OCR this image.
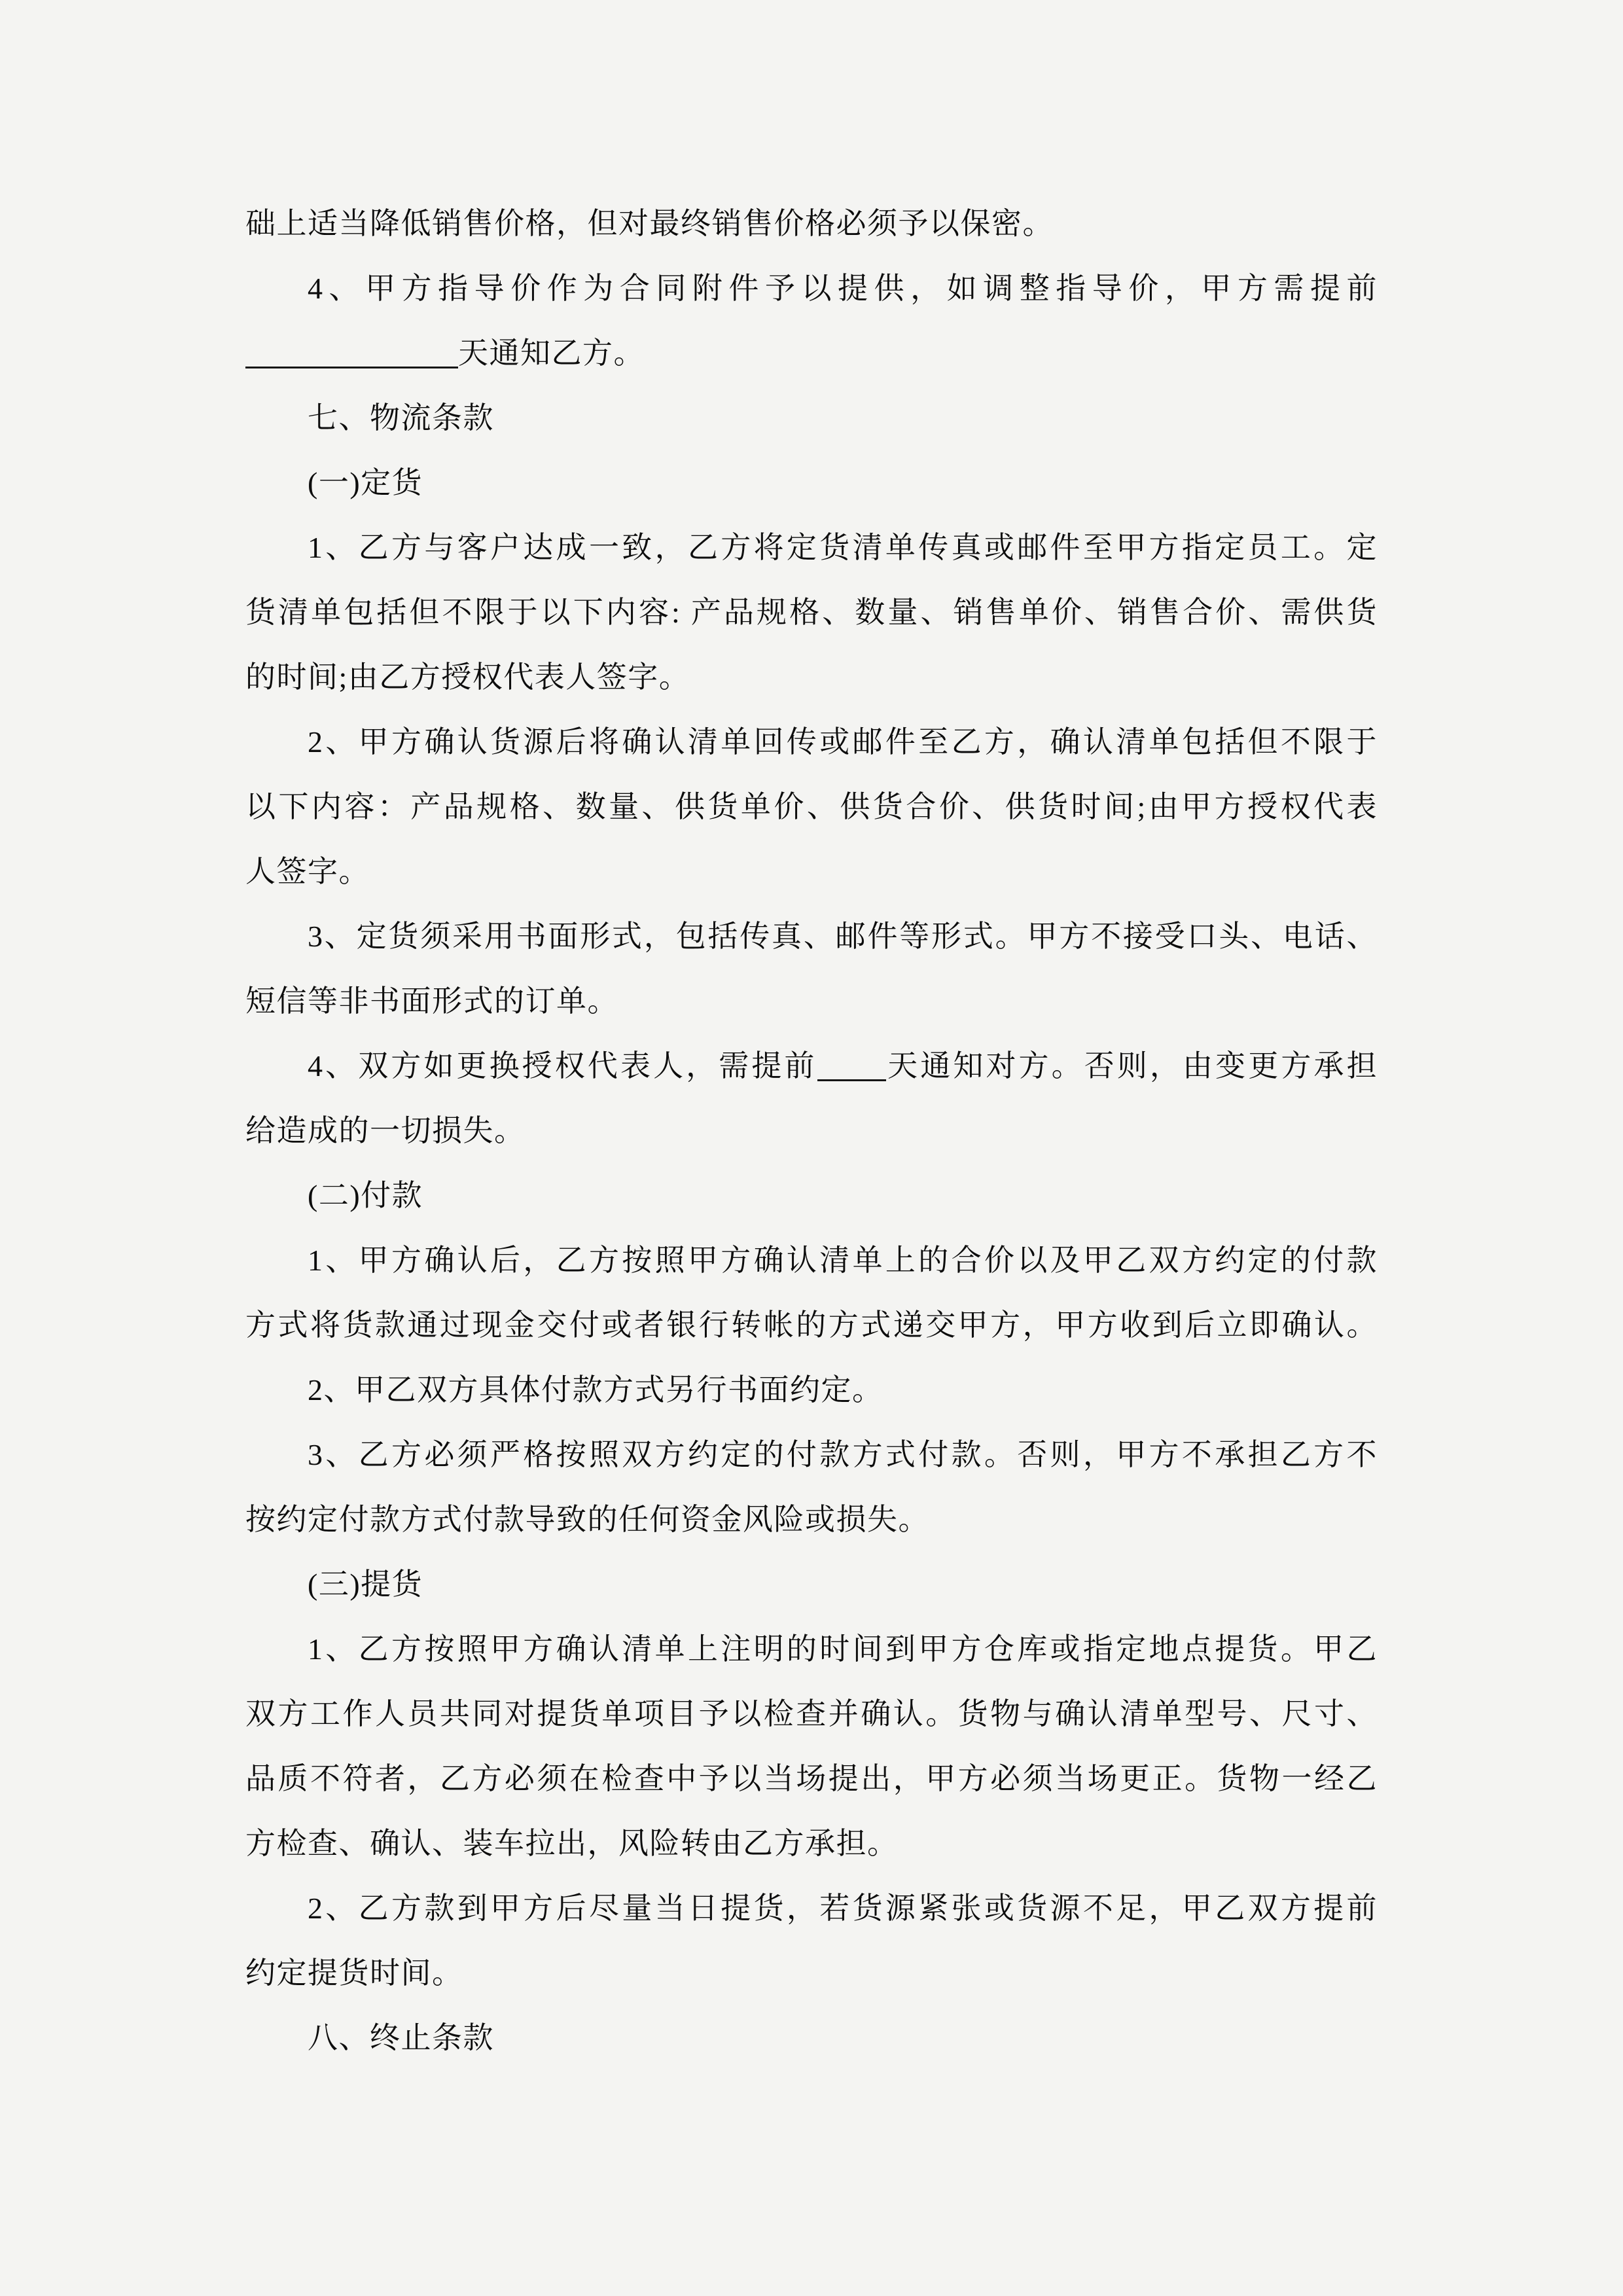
础上适当降低销售价格，但对最终销售价格必须予以保密。
4、甲方指导价作为合同附件予以提供，如调整指导价，甲方需提前
天通知乙方。
七、物流条款
(一)定货
1、乙方与客户达成一致，乙方将定货清单传真或邮件至甲方指定员工。定
货清单包括但不限于以下内容: 产品规格、数量、销售单价、销售合价、需供货
的时间;由乙方授权代表人签字。
2、甲方确认货源后将确认清单回传或邮件至乙方，确认清单包括但不限于
以下内容：产品规格、数量、供货单价、供货合价、供货时间;由甲方授权代表
人签字。
3、定货须采用书面形式，包括传真、邮件等形式。甲方不接受口头、电话、
短信等非书面形式的订单。
4、双方如更换授权代表人，需提前 天通知对方。否则，由变更方承担
给造成的一切损失。
(二)付款
1、甲方确认后，乙方按照甲方确认清单上的合价以及甲乙双方约定的付款
方式将货款通过现金交付或者银行转帐的方式递交甲方，甲方收到后立即确认。
2、甲乙双方具体付款方式另行书面约定。
3、乙方必须严格按照双方约定的付款方式付款。否则，甲方不承担乙方不
按约定付款方式付款导致的任何资金风险或损失。
(三)提货
1、乙方按照甲方确认清单上注明的时间到甲方仓库或指定地点提货。甲乙
双方工作人员共同对提货单项目予以检查并确认。货物与确认清单型号、尺寸、
品质不符者，乙方必须在检查中予以当场提出，甲方必须当场更正。货物一经乙
方检查、确认、装车拉出，风险转由乙方承担。
2、乙方款到甲方后尽量当日提货，若货源紧张或货源不足，甲乙双方提前
约定提货时间。
八、终止条款
